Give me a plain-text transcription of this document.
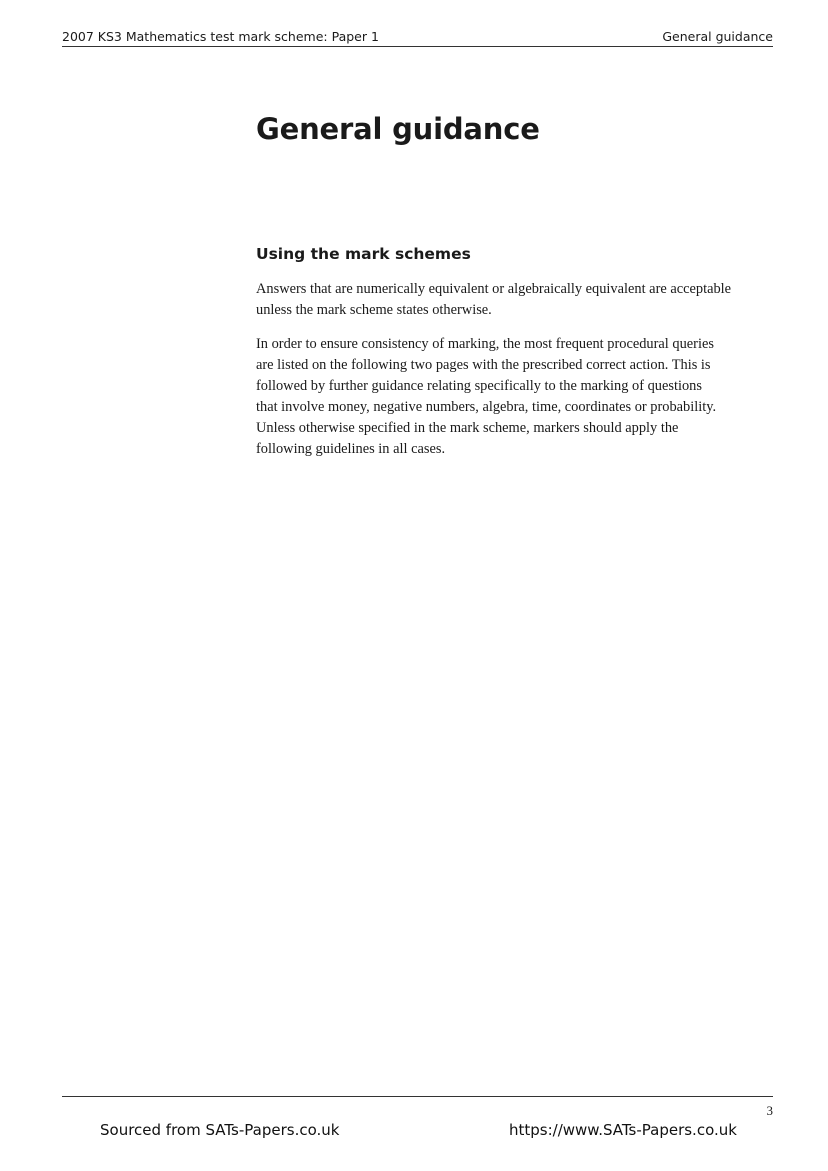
2007 KS3 Mathematics test mark scheme: Paper 1	General guidance
General guidance
Using the mark schemes

Answers that are numerically equivalent or algebraically equivalent are acceptable
unless the mark scheme states otherwise.

In order to ensure consistency of marking, the most frequent procedural queries
are listed on the following two pages with the prescribed correct action. This is
followed by further guidance relating specifically to the marking of questions
that involve money, negative numbers, algebra, time, coordinates or probability.
Unless otherwise specified in the mark scheme, markers should apply the
following guidelines in all cases.

3
Sourced from SATs-Papers.co.uk	https://www.SATs-Papers.co.uk
